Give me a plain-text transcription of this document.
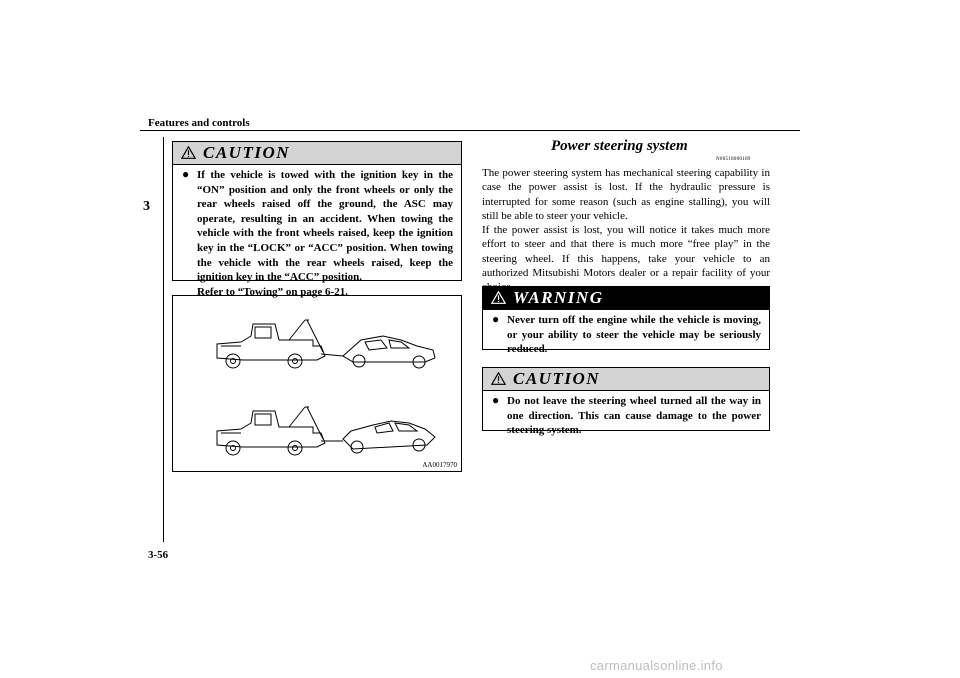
Features and controls
3
3-56
CAUTION
● If the vehicle is towed with the ignition key in the “ON” position and only the front wheels or only the rear wheels raised off the ground, the ASC may operate, resulting in an accident. When towing the vehicle with the front wheels raised, keep the ignition key in the “LOCK” or “ACC” position. When towing the vehicle with the rear wheels raised, keep the ignition key in the “ACC” position.

Refer to “Towing” on page 6-21.

AA0017970
Power steering system
N00518000189

The power steering system has mechanical steering capability in case the power assist is lost. If the hydraulic pressure is interrupted for some reason (such as engine stalling), you will still be able to steer your vehicle.

If the power assist is lost, you will notice it takes much more effort to steer and that there is much more “free play” in the steering wheel. If this happens, take your vehicle to an authorized Mitsubishi Motors dealer or a repair facility of your

WARNING
● Never turn off the engine while the vehicle is moving, or your ability to steer the vehicle may be seriously reduced.

CAUTION
● Do not leave the steering wheel turned all the way in one direction. This can cause damage to the power steering system.

carmanualsonline.info
